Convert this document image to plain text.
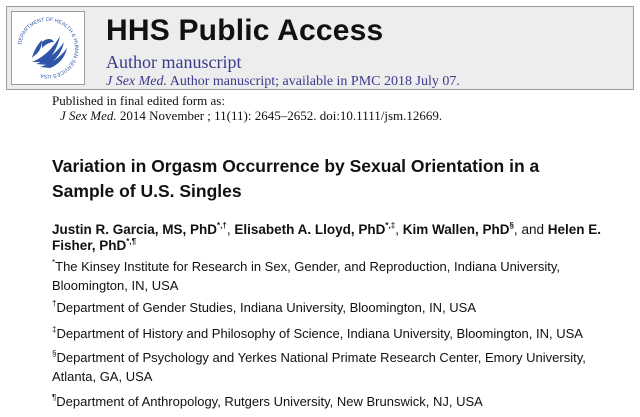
DEPARTMENT OF HEALTH & HUMAN SERVICES·USA
HHS Public Access
Author manuscript
J Sex Med. Author manuscript; available in PMC 2018 July 07.
Published in final edited form as:
J Sex Med. 2014 November ; 11(11): 2645–2652. doi:10.1111/jsm.12669.
Variation in Orgasm Occurrence by Sexual Orientation in a Sample of U.S. Singles
Justin R. Garcia, MS, PhD*,†, Elisabeth A. Lloyd, PhD*,‡, Kim Wallen, PhD§, and Helen E. Fisher, PhD*,¶
*The Kinsey Institute for Research in Sex, Gender, and Reproduction, Indiana University, Bloomington, IN, USA
†Department of Gender Studies, Indiana University, Bloomington, IN, USA
‡Department of History and Philosophy of Science, Indiana University, Bloomington, IN, USA
§Department of Psychology and Yerkes National Primate Research Center, Emory University, Atlanta, GA, USA
¶Department of Anthropology, Rutgers University, New Brunswick, NJ, USA
